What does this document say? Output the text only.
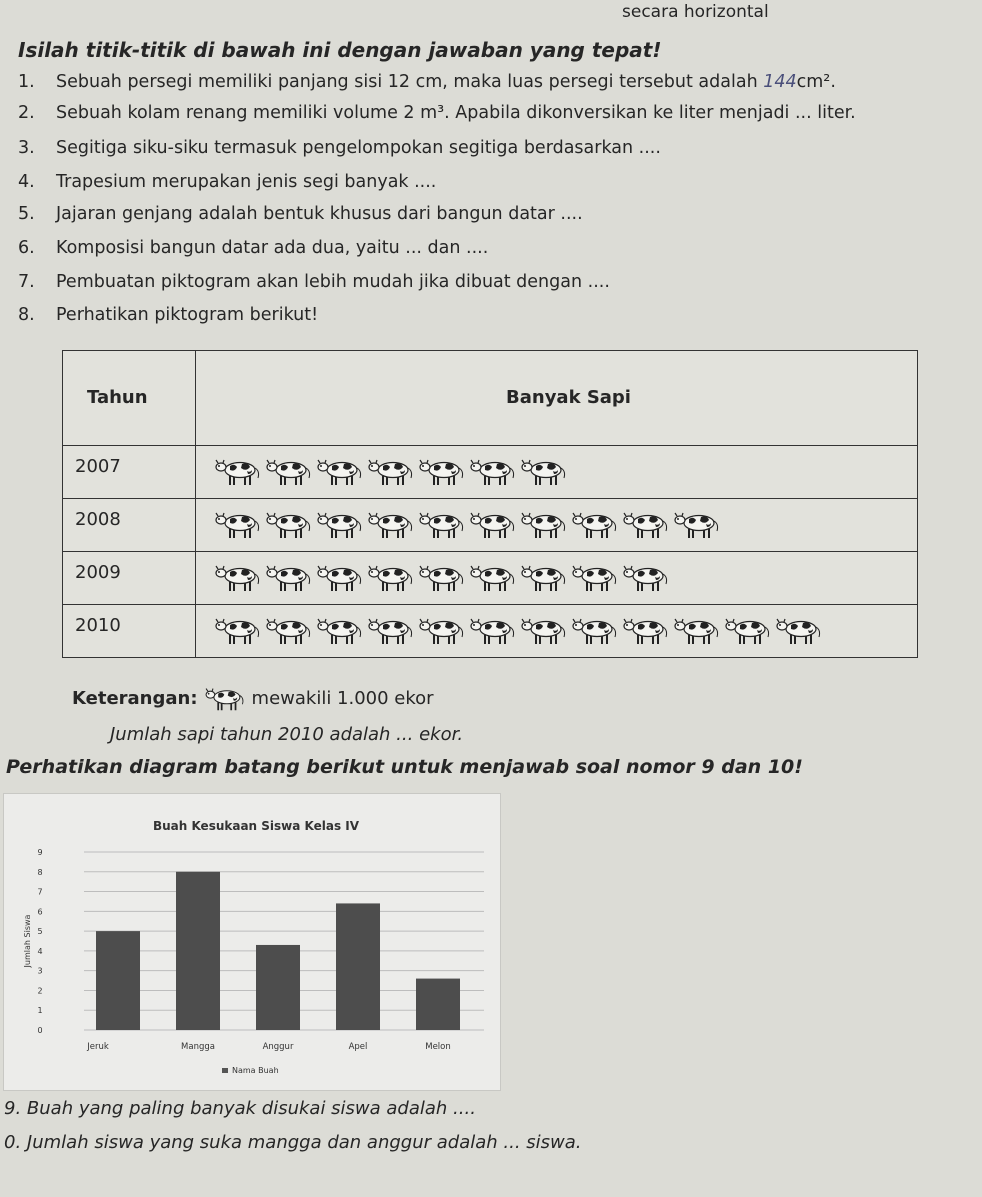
secara horizontal
Isilah titik-titik di bawah ini dengan jawaban yang tepat!
1. Sebuah persegi memiliki panjang sisi 12 cm, maka luas persegi tersebut adalah 144cm².
2. Sebuah kolam renang memiliki volume 2 m³. Apabila dikonversikan ke liter menjadi ... liter.
3. Segitiga siku-siku termasuk pengelompokan segitiga berdasarkan ....
4. Trapesium merupakan jenis segi banyak ....
5. Jajaran genjang adalah bentuk khusus dari bangun datar ....
6. Komposisi bangun datar ada dua, yaitu ... dan ....
7. Pembuatan piktogram akan lebih mudah jika dibuat dengan ....
8. Perhatikan piktogram berikut!
Tahun	Banyak Sapi
2007	
2008	
2009	
2010	
Keterangan:	mewakili 1.000 ekor
Jumlah sapi tahun 2010 adalah ... ekor.
Perhatikan diagram batang berikut untuk menjawab soal nomor 9 dan 10!
Buah Kesukaan Siswa Kelas IV
0
1
2
3
4
5
6
7
8
9
Jumlah Siswa
Jeruk	Mangga	Anggur	Apel	Melon
Nama Buah
9. Buah yang paling banyak disukai siswa adalah ....
0. Jumlah siswa yang suka mangga dan anggur adalah ... siswa.
